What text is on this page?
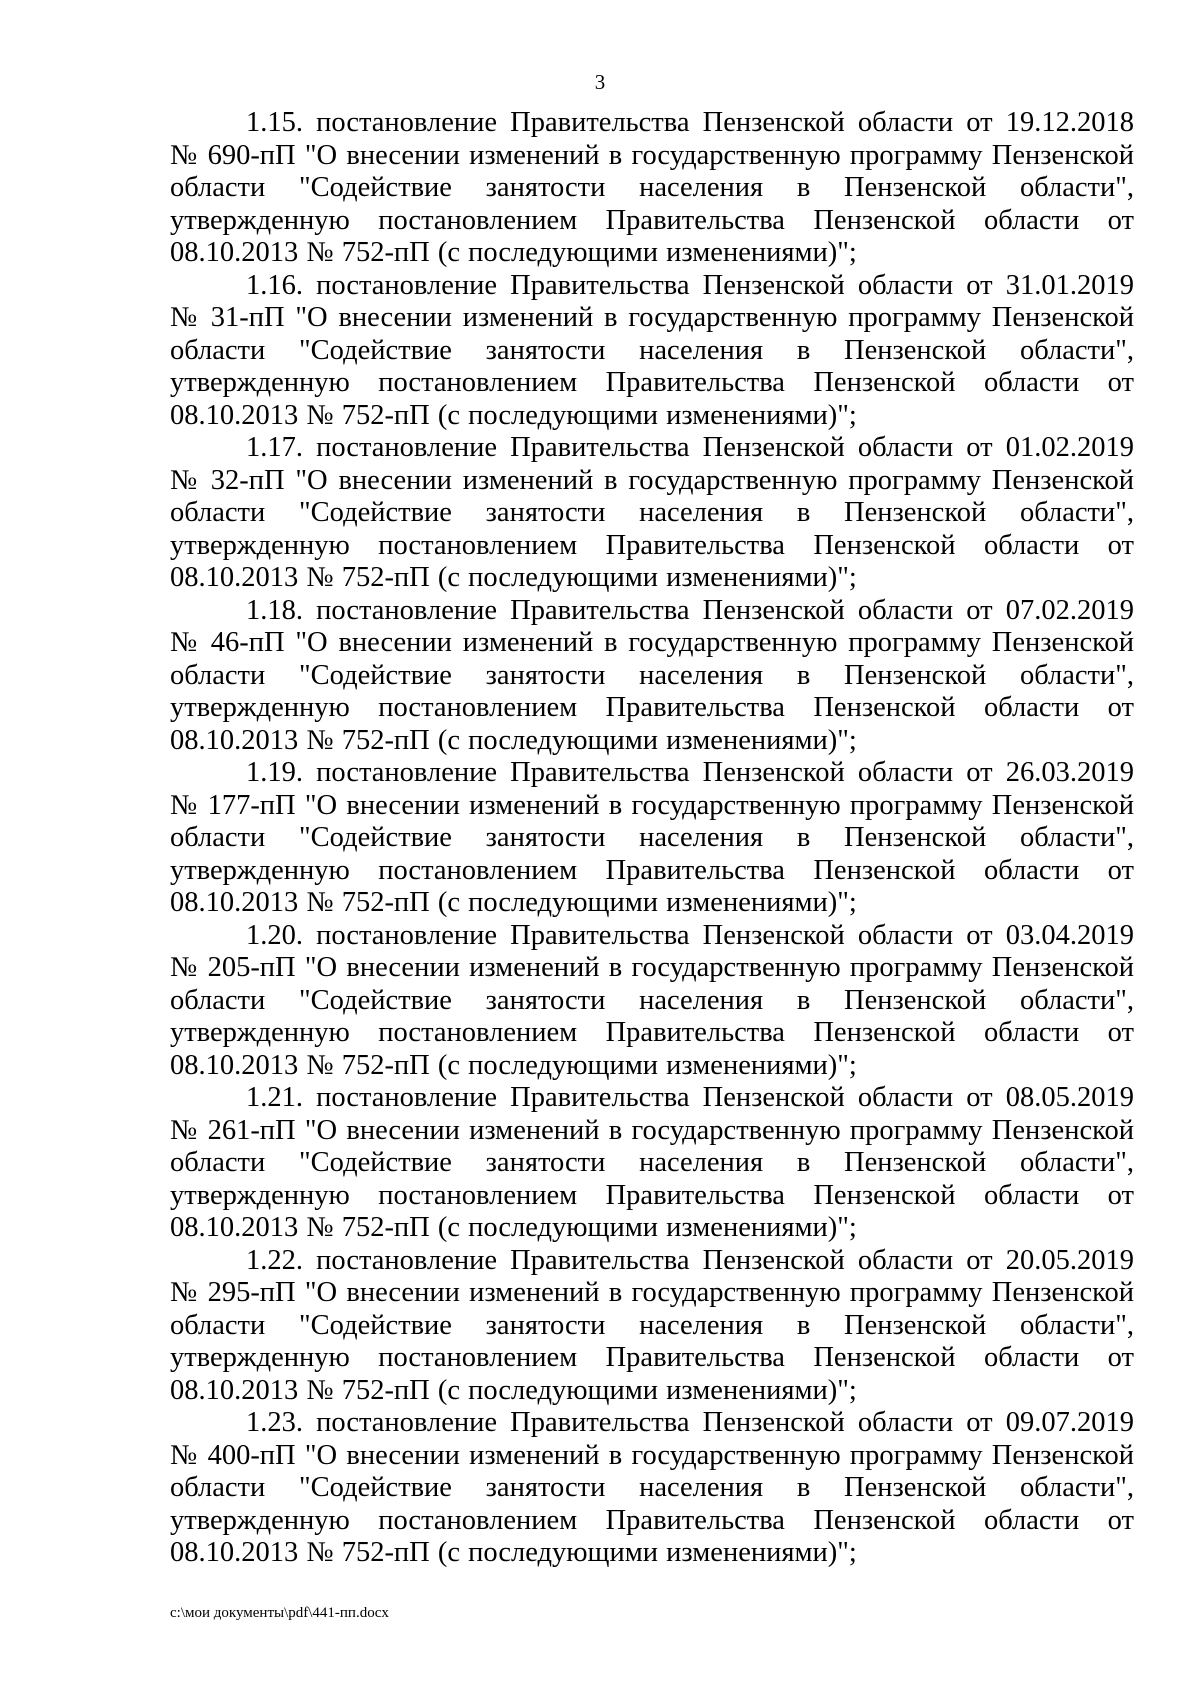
3

1.15. постановление Правительства Пензенской области от 19.12.2018 № 690-пП "О внесении изменений в государственную программу Пензенской области "Содействие занятости населения в Пензенской области", утвержденную постановлением Правительства Пензенской области от 08.10.2013 № 752-пП (с последующими изменениями)";

1.16. постановление Правительства Пензенской области от 31.01.2019 № 31-пП "О внесении изменений в государственную программу Пензенской области "Содействие занятости населения в Пензенской области", утвержденную постановлением Правительства Пензенской области от 08.10.2013 № 752-пП (с последующими изменениями)";

1.17. постановление Правительства Пензенской области от 01.02.2019 № 32-пП "О внесении изменений в государственную программу Пензенской области "Содействие занятости населения в Пензенской области", утвержденную постановлением Правительства Пензенской области от 08.10.2013 № 752-пП (с последующими изменениями)";

1.18. постановление Правительства Пензенской области от 07.02.2019 № 46-пП "О внесении изменений в государственную программу Пензенской области "Содействие занятости населения в Пензенской области", утвержденную постановлением Правительства Пензенской области от 08.10.2013 № 752-пП (с последующими изменениями)";

1.19. постановление Правительства Пензенской области от 26.03.2019 № 177-пП "О внесении изменений в государственную программу Пензенской области "Содействие занятости населения в Пензенской области", утвержденную постановлением Правительства Пензенской области от 08.10.2013 № 752-пП (с последующими изменениями)";

1.20. постановление Правительства Пензенской области от 03.04.2019 № 205-пП "О внесении изменений в государственную программу Пензенской области "Содействие занятости населения в Пензенской области", утвержденную постановлением Правительства Пензенской области от 08.10.2013 № 752-пП (с последующими изменениями)";

1.21. постановление Правительства Пензенской области от 08.05.2019 № 261-пП "О внесении изменений в государственную программу Пензенской области "Содействие занятости населения в Пензенской области", утвержденную постановлением Правительства Пензенской области от 08.10.2013 № 752-пП (с последующими изменениями)";

1.22. постановление Правительства Пензенской области от 20.05.2019 № 295-пП "О внесении изменений в государственную программу Пензенской области "Содействие занятости населения в Пензенской области", утвержденную постановлением Правительства Пензенской области от 08.10.2013 № 752-пП (с последующими изменениями)";

1.23. постановление Правительства Пензенской области от 09.07.2019 № 400-пП "О внесении изменений в государственную программу Пензенской области "Содействие занятости населения в Пензенской области", утвержденную постановлением Правительства Пензенской области от 08.10.2013 № 752-пП (с последующими изменениями)";

c:\мои документы\pdf\441-пп.docx
